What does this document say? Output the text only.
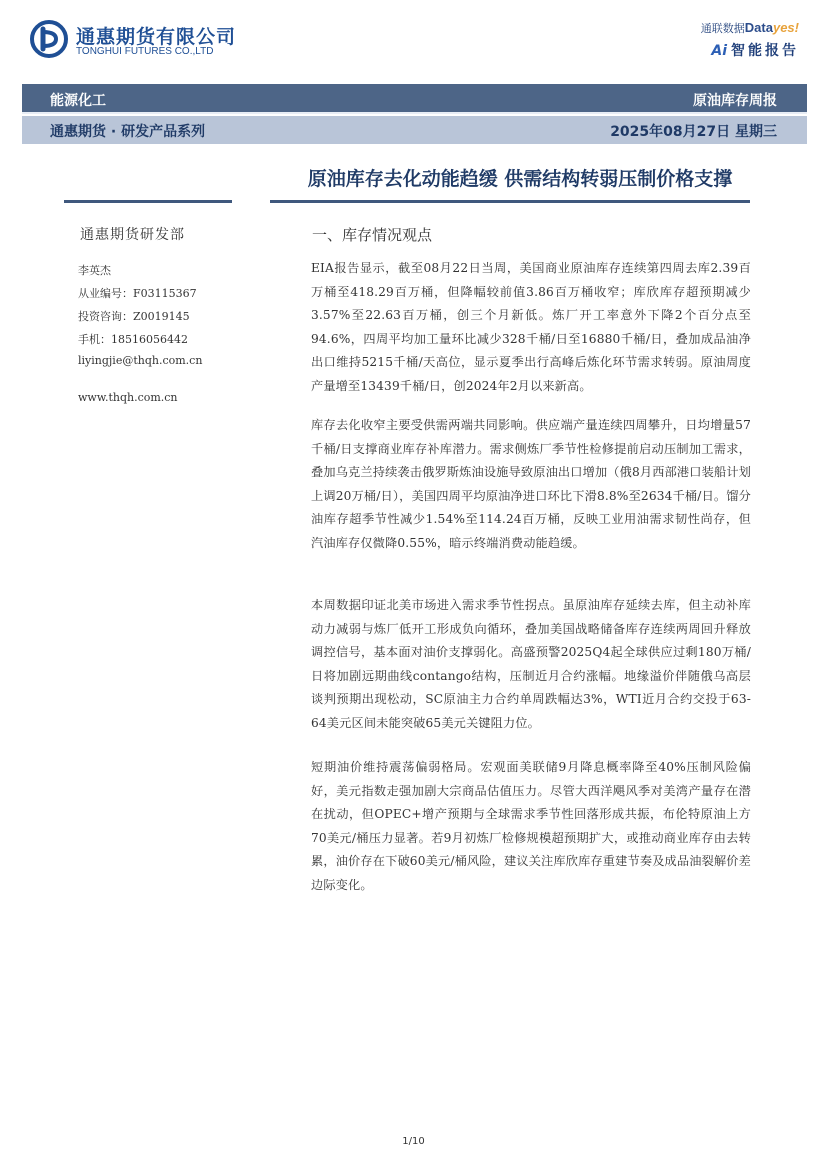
通惠期货有限公司
TONGHUI FUTURES CO.,LTD
通联数据Datayes!
Ai 智能报告
能源化工	原油库存周报
通惠期货 · 研发产品系列	2025年08月27日 星期三
原油库存去化动能趋缓 供需结构转弱压制价格支撑
通惠期货研发部
李英杰
从业编号：F03115367
投资咨询：Z0019145
手机：18516056442
liyingjie@thqh.com.cn
www.thqh.com.cn
一、库存情况观点
EIA报告显示，截至08月22日当周，美国商业原油库存连续第四周去库2.39百万桶至418.29百万桶，但降幅较前值3.86百万桶收窄；库欣库存超预期减少3.57%至22.63百万桶，创三个月新低。炼厂开工率意外下降2个百分点至94.6%，四周平均加工量环比减少328千桶/日至16880千桶/日，叠加成品油净出口维持5215千桶/天高位，显示夏季出行高峰后炼化环节需求转弱。原油周度产量增至13439千桶/日，创2024年2月以来新高。
库存去化收窄主要受供需两端共同影响。供应端产量连续四周攀升，日均增量57千桶/日支撑商业库存补库潜力。需求侧炼厂季节性检修提前启动压制加工需求，叠加乌克兰持续袭击俄罗斯炼油设施导致原油出口增加（俄8月西部港口装船计划上调20万桶/日），美国四周平均原油净进口环比下滑8.8%至2634千桶/日。馏分油库存超季节性减少1.54%至114.24百万桶，反映工业用油需求韧性尚存，但汽油库存仅微降0.55%，暗示终端消费动能趋缓。
本周数据印证北美市场进入需求季节性拐点。虽原油库存延续去库，但主动补库动力减弱与炼厂低开工形成负向循环，叠加美国战略储备库存连续两周回升释放调控信号，基本面对油价支撑弱化。高盛预警2025Q4起全球供应过剩180万桶/日将加剧远期曲线contango结构，压制近月合约涨幅。地缘溢价伴随俄乌高层谈判预期出现松动，SC原油主力合约单周跌幅达3%，WTI近月合约交投于63-64美元区间未能突破65美元关键阻力位。
短期油价维持震荡偏弱格局。宏观面美联储9月降息概率降至40%压制风险偏好，美元指数走强加剧大宗商品估值压力。尽管大西洋飓风季对美湾产量存在潜在扰动，但OPEC+增产预期与全球需求季节性回落形成共振，布伦特原油上方70美元/桶压力显著。若9月初炼厂检修规模超预期扩大，或推动商业库存由去转累，油价存在下破60美元/桶风险，建议关注库欣库存重建节奏及成品油裂解价差边际变化。
1/10
